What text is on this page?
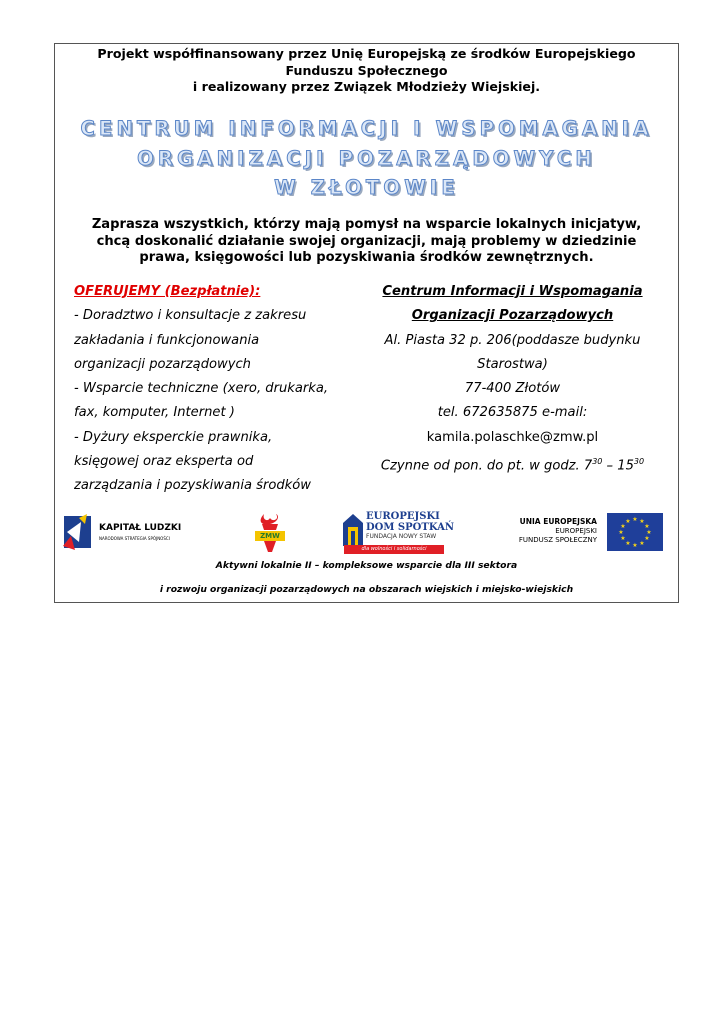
Projekt współfinansowany przez Unię Europejską ze środków Europejskiego
Funduszu Społecznego
i realizowany przez Związek Młodzieży Wiejskiej.
CENTRUM INFORMACJI I WSPOMAGANIA
ORGANIZACJI POZARZĄDOWYCH
W ZŁOTOWIE
Zaprasza wszystkich, którzy mają pomysł na wsparcie lokalnych inicjatyw,
chcą doskonalić działanie swojej organizacji, mają problemy w dziedzinie
prawa, księgowości lub pozyskiwania środków zewnętrznych.
OFERUJEMY (Bezpłatnie):
- Doradztwo i konsultacje z zakresu
zakładania i funkcjonowania
organizacji pozarządowych
- Wsparcie techniczne (xero, drukarka,
fax, komputer, Internet )
- Dyżury eksperckie prawnika,
księgowej oraz eksperta od
zarządzania i pozyskiwania środków
Centrum Informacji i Wspomagania
Organizacji Pozarządowych
Al. Piasta 32 p. 206(poddasze budynku
Starostwa)
77-400 Złotów
tel. 672635875 e-mail:
kamila.polaschke@zmw.pl
Czynne od pon. do pt. w godz. $7^{30} - 15^{30}$
KAPITAŁ LUDZKI
NARODOWA STRATEGIA SPÓJNOŚCI	ZMW
EUROPEJSKI
DOM SPOTKAŃ
FUNDACJA NOWY STAW
dla wolności i solidarności
UNIA EUROPEJSKA
EUROPEJSKI
FUNDUSZ SPOŁECZNY
★ ★
★
★
★
★
★
★
★
★
★
★
Aktywni lokalnie II – kompleksowe wsparcie dla III sektora
i rozwoju organizacji pozarządowych na obszarach wiejskich i miejsko-wiejskich
